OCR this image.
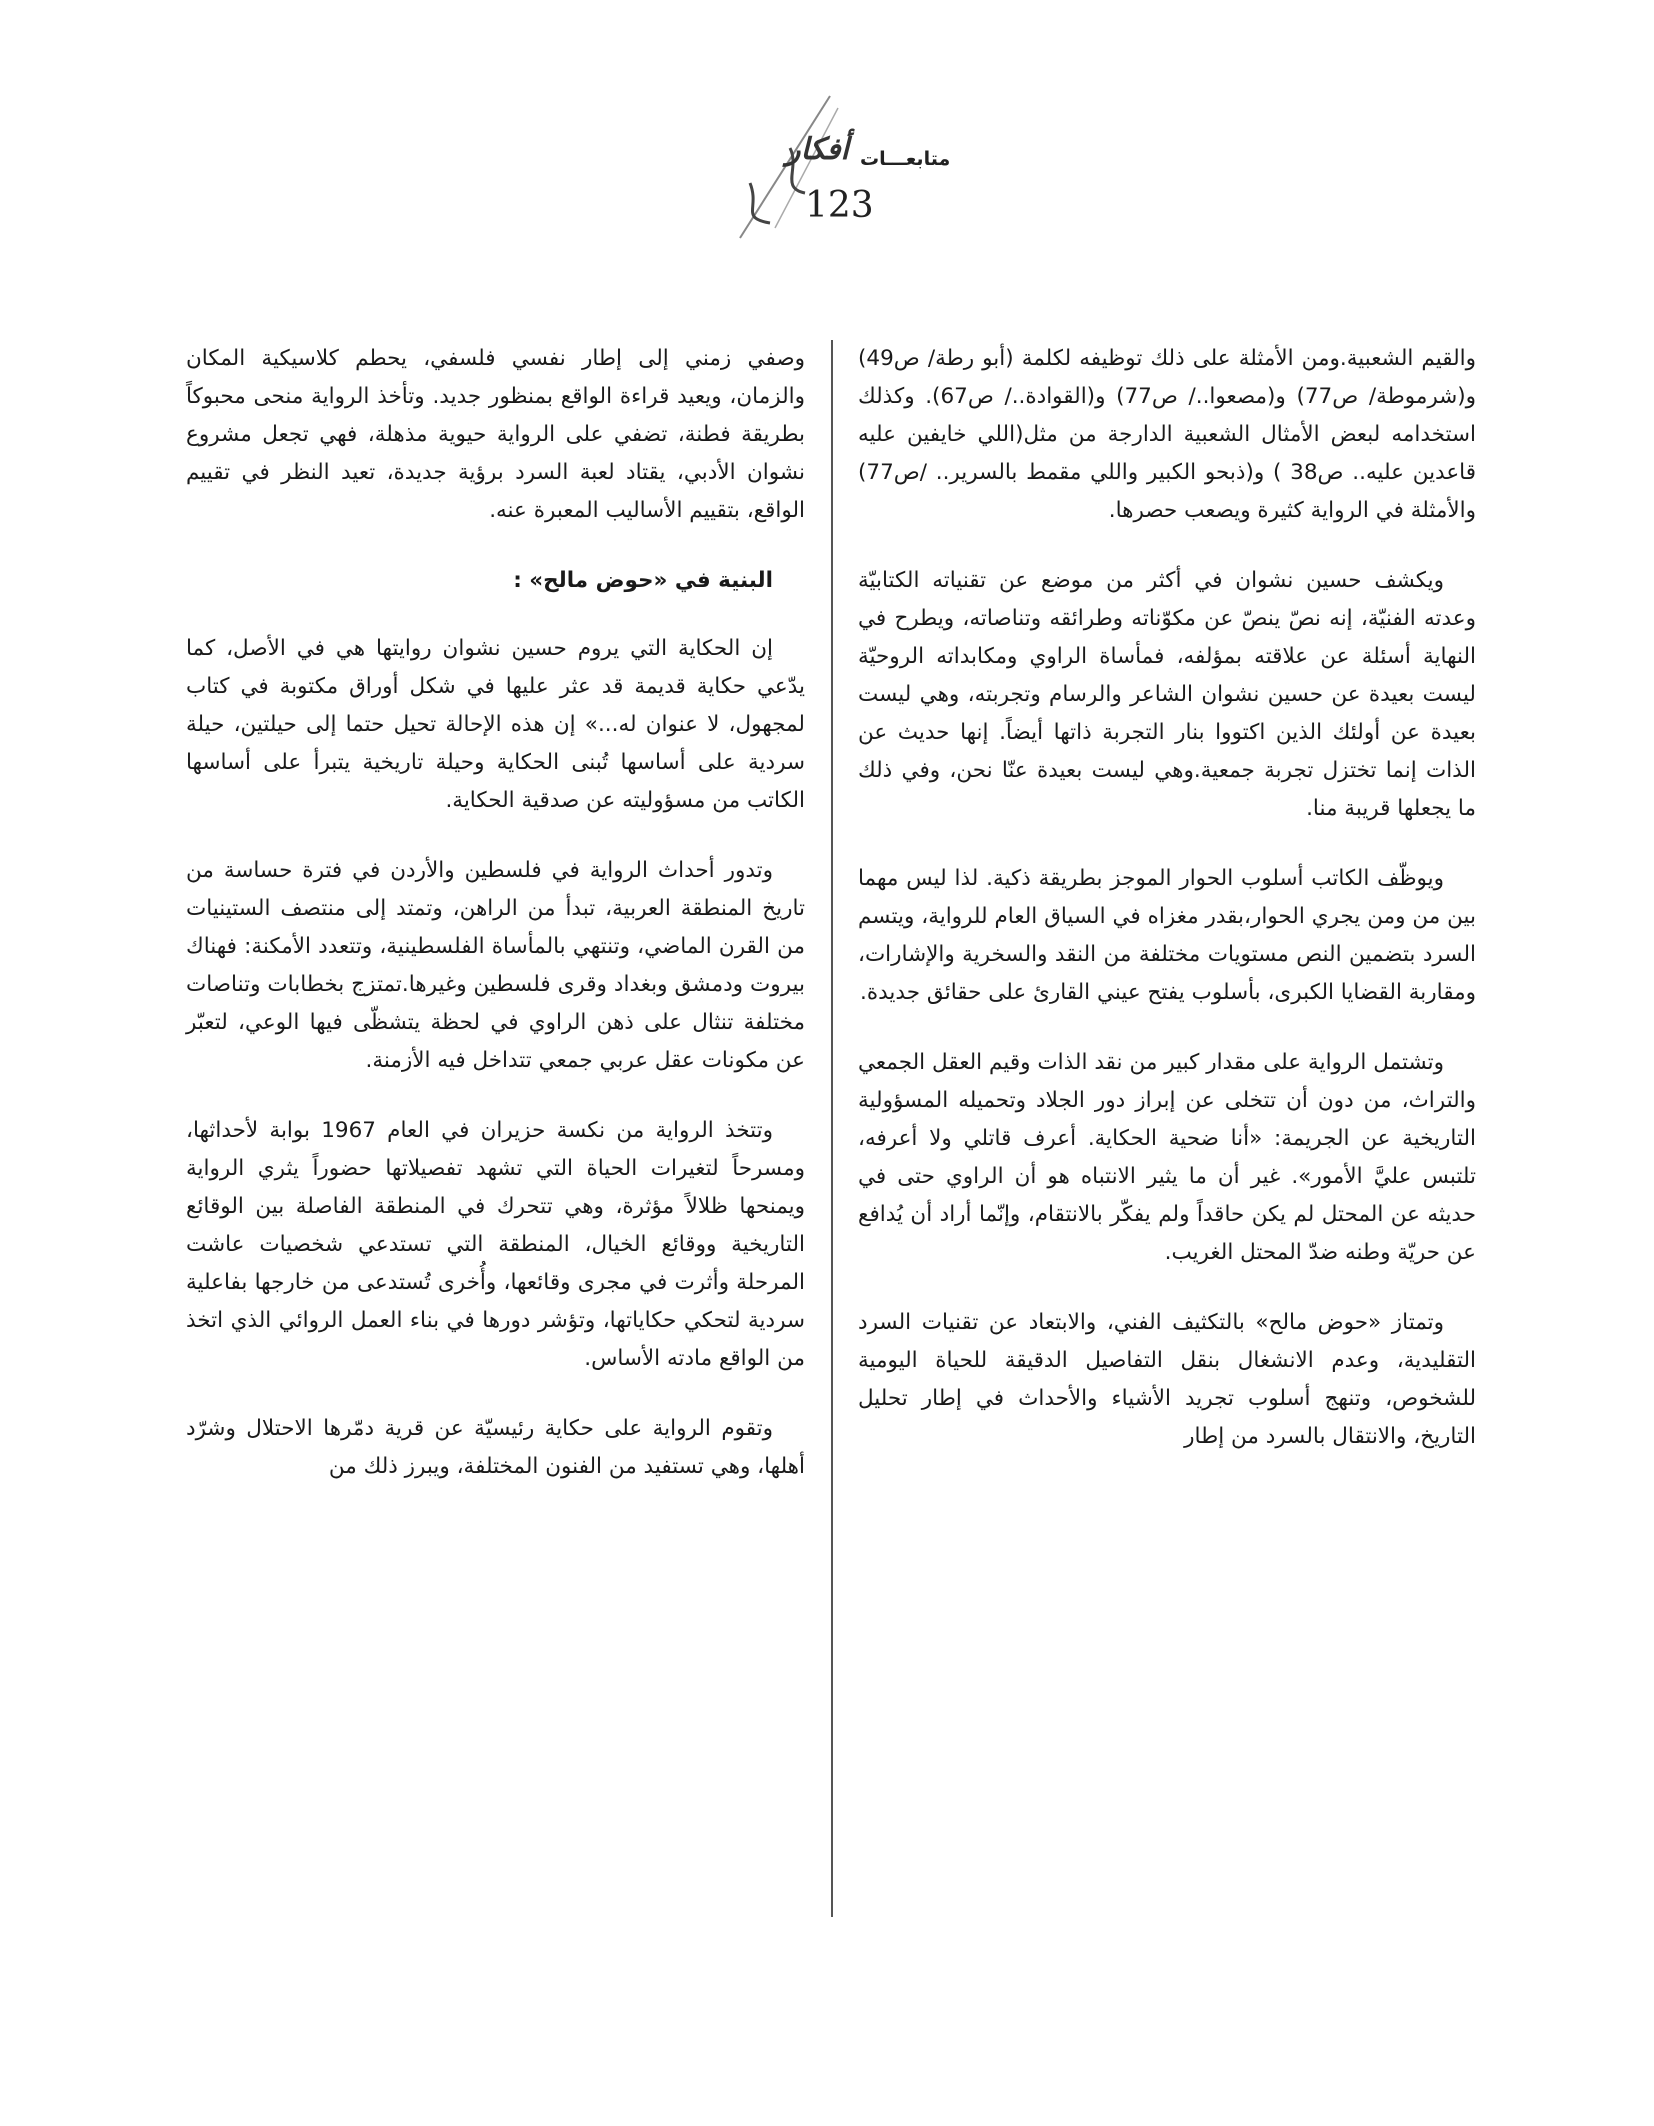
أفكار متابعـــات
123

والقيم الشعبية.ومن الأمثلة على ذلك توظيفه لكلمة (أبو رطة/ ص49) و(شرموطة/ ص77) و(مصعوا../ ص77) و(القوادة../ ص67). وكذلك استخدامه لبعض الأمثال الشعبية الدارجة من مثل(اللي خايفين عليه قاعدين عليه.. ص38 ) و(ذبحو الكبير واللي مقمط بالسرير.. /ص77) والأمثلة في الرواية كثيرة ويصعب حصرها.

ويكشف حسين نشوان في أكثر من موضع عن تقنياته الكتابيّة وعدته الفنيّة، إنه نصّ ينصّ عن مكوّناته وطرائقه وتناصاته، ويطرح في النهاية أسئلة عن علاقته بمؤلفه، فمأساة الراوي ومكابداته الروحيّة ليست بعيدة عن حسين نشوان الشاعر والرسام وتجربته، وهي ليست بعيدة عن أولئك الذين اكتووا بنار التجربة ذاتها أيضاً. إنها حديث عن الذات إنما تختزل تجربة جمعية.وهي ليست بعيدة عنّا نحن، وفي ذلك ما يجعلها قريبة منا.

ويوظّف الكاتب أسلوب الحوار الموجز بطريقة ذكية. لذا ليس مهما بين من ومن يجري الحوار،بقدر مغزاه في السياق العام للرواية، ويتسم السرد بتضمين النص مستويات مختلفة من النقد والسخرية والإشارات، ومقاربة القضايا الكبرى، بأسلوب يفتح عيني القارئ على حقائق جديدة.

وتشتمل الرواية على مقدار كبير من نقد الذات وقيم العقل الجمعي والتراث، من دون أن تتخلى عن إبراز دور الجلاد وتحميله المسؤولية التاريخية عن الجريمة: «أنا ضحية الحكاية. أعرف قاتلي ولا أعرفه، تلتبس عليَّ الأمور». غير أن ما يثير الانتباه هو أن الراوي حتى في حديثه عن المحتل لم يكن حاقداً ولم يفكّر بالانتقام، وإنّما أراد أن يُدافع عن حريّة وطنه ضدّ المحتل الغريب.

وتمتاز «حوض مالح» بالتكثيف الفني، والابتعاد عن تقنيات السرد التقليدية، وعدم الانشغال بنقل التفاصيل الدقيقة للحياة اليومية للشخوص، وتنهج أسلوب تجريد الأشياء والأحداث في إطار تحليل التاريخ، والانتقال بالسرد من إطار

وصفي زمني إلى إطار نفسي فلسفي، يحطم كلاسيكية المكان والزمان، ويعيد قراءة الواقع بمنظور جديد. وتأخذ الرواية منحى محبوكاً بطريقة فطنة، تضفي على الرواية حيوية مذهلة، فهي تجعل مشروع نشوان الأدبي، يقتاد لعبة السرد برؤية جديدة، تعيد النظر في تقييم الواقع، بتقييم الأساليب المعبرة عنه.

البنية في «حوض مالح» :

إن الحكاية التي يروم حسين نشوان روايتها هي في الأصل، كما يدّعي حكاية قديمة قد عثر عليها في شكل أوراق مكتوبة في كتاب لمجهول، لا عنوان له...» إن هذه الإحالة تحيل حتما إلى حيلتين، حيلة سردية على أساسها تُبنى الحكاية وحيلة تاريخية يتبرأ على أساسها الكاتب من مسؤوليته عن صدقية الحكاية.

وتدور أحداث الرواية في فلسطين والأردن في فترة حساسة من تاريخ المنطقة العربية، تبدأ من الراهن، وتمتد إلى منتصف الستينيات من القرن الماضي، وتنتهي بالمأساة الفلسطينية، وتتعدد الأمكنة: فهناك بيروت ودمشق وبغداد وقرى فلسطين وغيرها.تمتزج بخطابات وتناصات مختلفة تنثال على ذهن الراوي في لحظة يتشظّى فيها الوعي، لتعبّر عن مكونات عقل عربي جمعي تتداخل فيه الأزمنة.

وتتخذ الرواية من نكسة حزيران في العام 1967 بوابة لأحداثها، ومسرحاً لتغيرات الحياة التي تشهد تفصيلاتها حضوراً يثري الرواية ويمنحها ظلالاً مؤثرة، وهي تتحرك في المنطقة الفاصلة بين الوقائع التاريخية ووقائع الخيال، المنطقة التي تستدعي شخصيات عاشت المرحلة وأثرت في مجرى وقائعها، وأُخرى تُستدعى من خارجها بفاعلية سردية لتحكي حكاياتها، وتؤشر دورها في بناء العمل الروائي الذي اتخذ من الواقع مادته الأساس.

وتقوم الرواية على حكاية رئيسيّة عن قرية دمّرها الاحتلال وشرّد أهلها، وهي تستفيد من الفنون المختلفة، ويبرز ذلك من
